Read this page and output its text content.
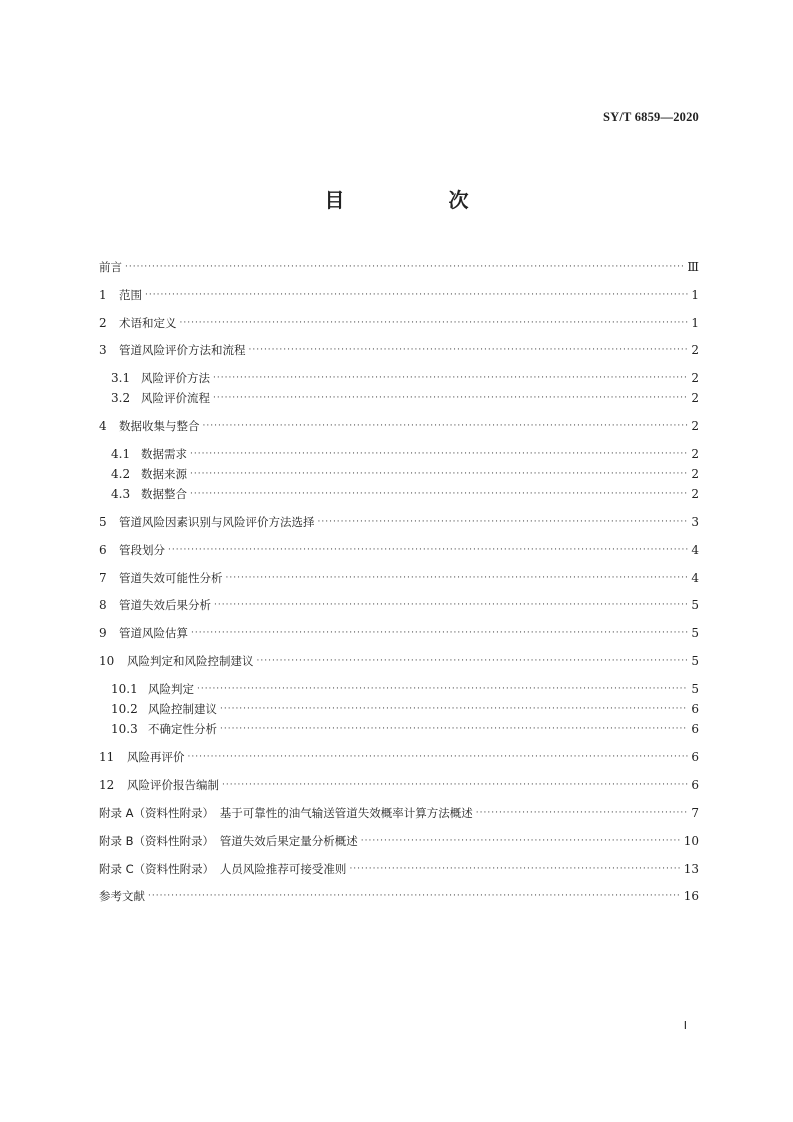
SY/T 6859—2020
目　次
前言 ·····	Ⅲ
1	范围 ·····	1
2	术语和定义 ·····	1
3	管道风险评价方法和流程 ·····	2
3.1 风险评价方法 ·····	2
3.2 风险评价流程 ·····	2
4	数据收集与整合 ·····	2
4.1 数据需求 ·····	2
4.2 数据来源 ·····	2
4.3 数据整合 ·····	2
5	管道风险因素识别与风险评价方法选择 ·····	3
6	管段划分 ·····	4
7	管道失效可能性分析 ·····	4
8	管道失效后果分析 ·····	5
9	管道风险估算 ·····	5
10	风险判定和风险控制建议 ·····	5
10.1 风险判定 ·····	5
10.2 风险控制建议 ·····	6
10.3 不确定性分析 ·····	6
11	风险再评价 ·····	6
12	风险评价报告编制 ·····	6
附录 A（资料性附录）　基于可靠性的油气输送管道失效概率计算方法概述 ·····	7
附录 B（资料性附录）　管道失效后果定量分析概述 ·····	10
附录 C（资料性附录）　人员风险推荐可接受准则 ·····	13
参考文献 ·····	16
Ⅰ
